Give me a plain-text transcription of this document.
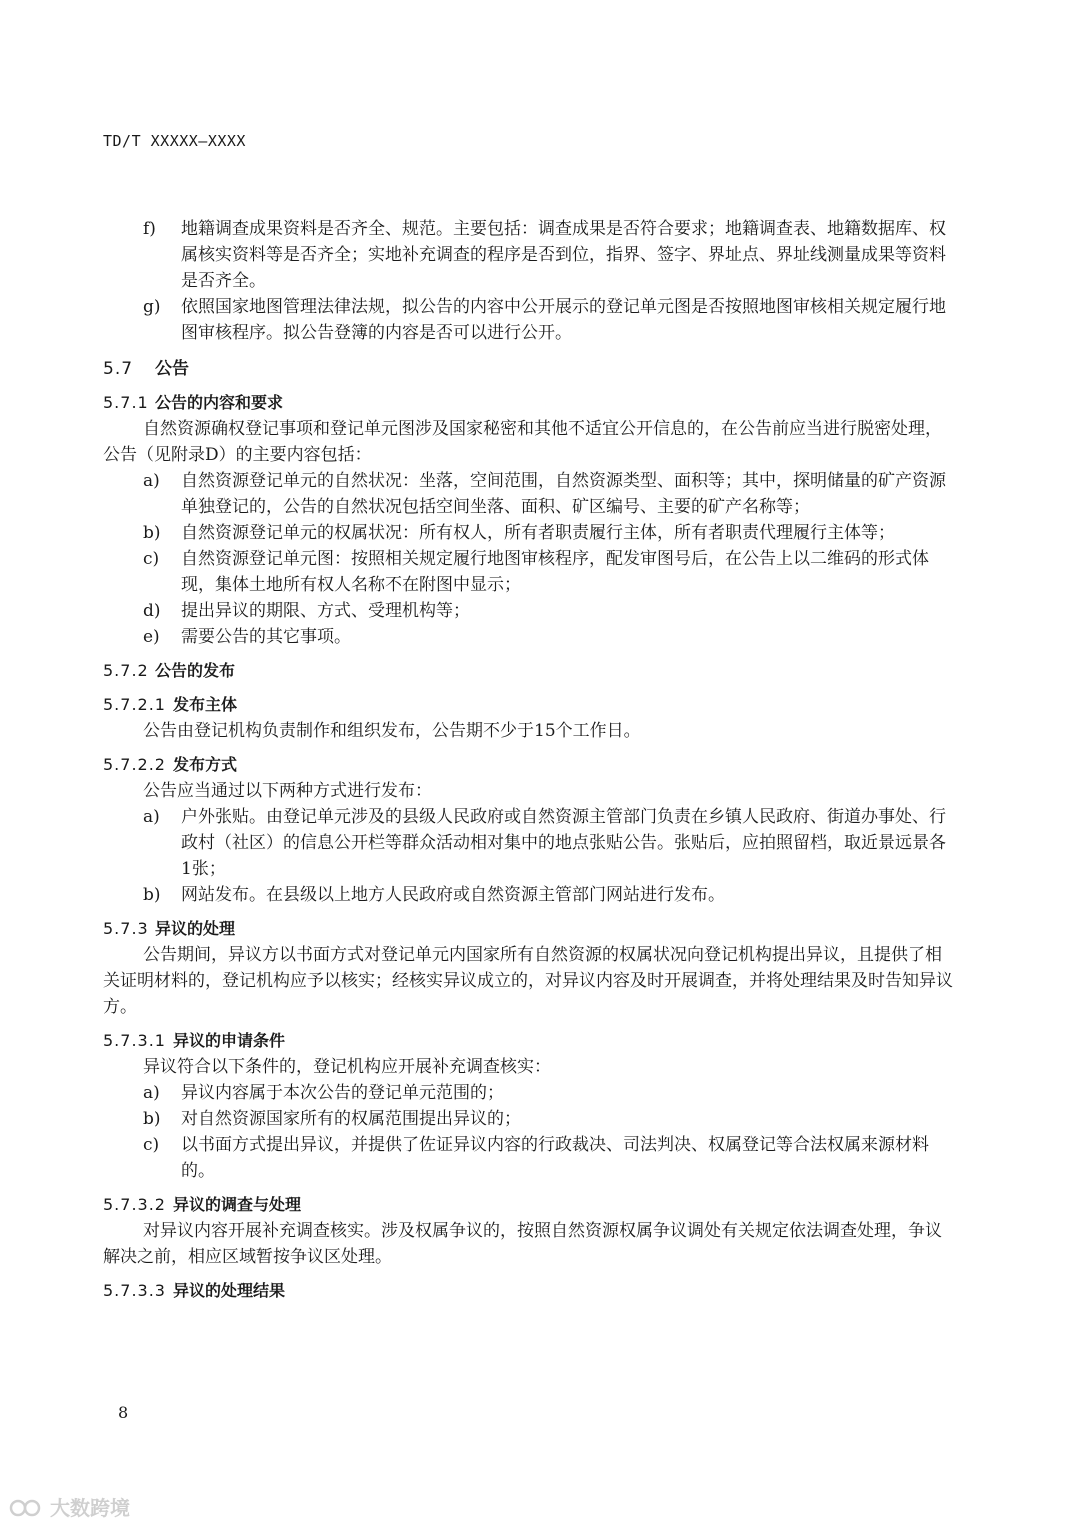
TD/T XXXXX—XXXX
f) 地籍调查成果资料是否齐全、规范。主要包括：调查成果是否符合要求；地籍调查表、地籍数据库、权属核实资料等是否齐全；实地补充调查的程序是否到位，指界、签字、界址点、界址线测量成果等资料是否齐全。
g) 依照国家地图管理法律法规，拟公告的内容中公开展示的登记单元图是否按照地图审核相关规定履行地图审核程序。拟公告登簿的内容是否可以进行公开。
5.7 公告
5.7.1 公告的内容和要求
自然资源确权登记事项和登记单元图涉及国家秘密和其他不适宜公开信息的，在公告前应当进行脱密处理，公告（见附录D）的主要内容包括：
a) 自然资源登记单元的自然状况：坐落，空间范围，自然资源类型、面积等；其中，探明储量的矿产资源单独登记的，公告的自然状况包括空间坐落、面积、矿区编号、主要的矿产名称等；
b) 自然资源登记单元的权属状况：所有权人，所有者职责履行主体，所有者职责代理履行主体等；
c) 自然资源登记单元图：按照相关规定履行地图审核程序，配发审图号后，在公告上以二维码的形式体现，集体土地所有权人名称不在附图中显示；
d) 提出异议的期限、方式、受理机构等；
e) 需要公告的其它事项。
5.7.2 公告的发布
5.7.2.1 发布主体
公告由登记机构负责制作和组织发布，公告期不少于15个工作日。
5.7.2.2 发布方式
公告应当通过以下两种方式进行发布：
a) 户外张贴。由登记单元涉及的县级人民政府或自然资源主管部门负责在乡镇人民政府、街道办事处、行政村（社区）的信息公开栏等群众活动相对集中的地点张贴公告。张贴后，应拍照留档，取近景远景各1张；
b) 网站发布。在县级以上地方人民政府或自然资源主管部门网站进行发布。
5.7.3 异议的处理
公告期间，异议方以书面方式对登记单元内国家所有自然资源的权属状况向登记机构提出异议，且提供了相关证明材料的，登记机构应予以核实；经核实异议成立的，对异议内容及时开展调查，并将处理结果及时告知异议方。
5.7.3.1 异议的申请条件
异议符合以下条件的，登记机构应开展补充调查核实：
a) 异议内容属于本次公告的登记单元范围的；
b) 对自然资源国家所有的权属范围提出异议的；
c) 以书面方式提出异议，并提供了佐证异议内容的行政裁决、司法判决、权属登记等合法权属来源材料的。
5.7.3.2 异议的调查与处理
对异议内容开展补充调查核实。涉及权属争议的，按照自然资源权属争议调处有关规定依法调查处理，争议解决之前，相应区域暂按争议区处理。
5.7.3.3 异议的处理结果
8
大数跨境
